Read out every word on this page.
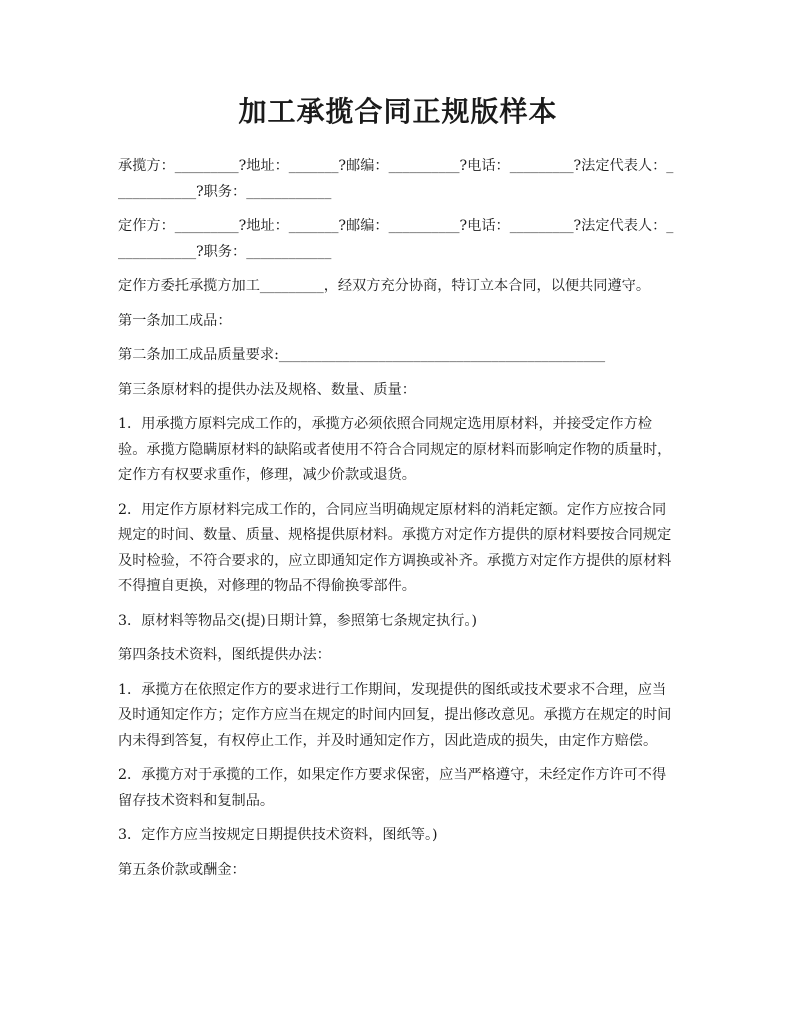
加工承揽合同正规版样本
承揽方：_________?地址：_______?邮编：__________?电话：_________?法定代表人：____________?职务：____________
定作方：_________?地址：_______?邮编：__________?电话：_________?法定代表人：____________?职务：____________
定作方委托承揽方加工_________，经双方充分协商，特订立本合同，以便共同遵守。
第一条加工成品：
第二条加工成品质量要求:______________________________________________
第三条原材料的提供办法及规格、数量、质量：
1．用承揽方原料完成工作的，承揽方必须依照合同规定选用原材料，并接受定作方检验。承揽方隐瞒原材料的缺陷或者使用不符合合同规定的原材料而影响定作物的质量时，定作方有权要求重作，修理，减少价款或退货。
2．用定作方原材料完成工作的，合同应当明确规定原材料的消耗定额。定作方应按合同规定的时间、数量、质量、规格提供原材料。承揽方对定作方提供的原材料要按合同规定及时检验，不符合要求的，应立即通知定作方调换或补齐。承揽方对定作方提供的原材料不得擅自更换，对修理的物品不得偷换零部件。
3．原材料等物品交(提)日期计算，参照第七条规定执行。)
第四条技术资料，图纸提供办法：
1．承揽方在依照定作方的要求进行工作期间，发现提供的图纸或技术要求不合理，应当及时通知定作方；定作方应当在规定的时间内回复，提出修改意见。承揽方在规定的时间内未得到答复，有权停止工作，并及时通知定作方，因此造成的损失，由定作方赔偿。
2．承揽方对于承揽的工作，如果定作方要求保密，应当严格遵守，未经定作方许可不得留存技术资料和复制品。
3．定作方应当按规定日期提供技术资料，图纸等。)
第五条价款或酬金：
